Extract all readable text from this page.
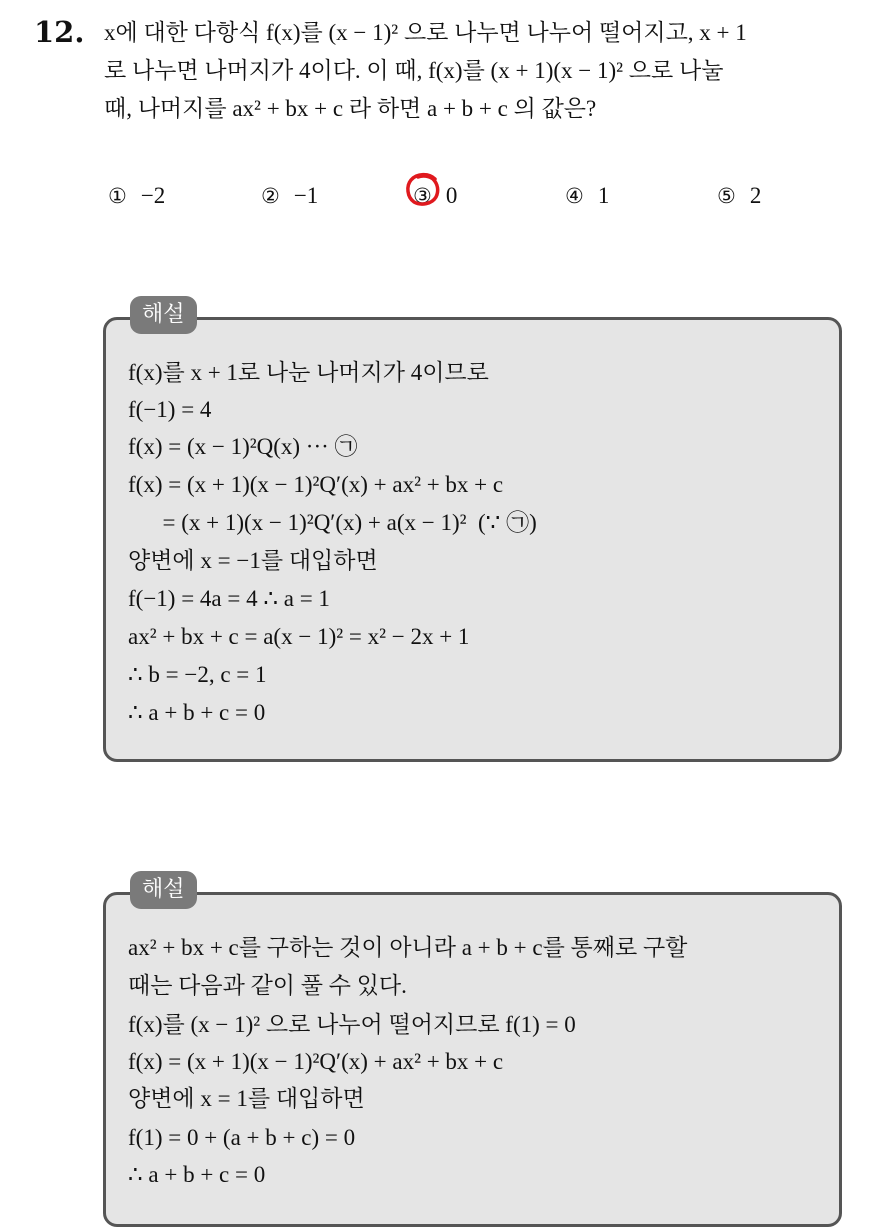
12. x에 대한 다항식 f(x)를 (x − 1)² 으로 나누면 나누어 떨어지고, x + 1
로 나누면 나머지가 4이다. 이 때, f(x)를 (x + 1)(x − 1)² 으로 나눌
때, 나머지를 ax² + bx + c 라 하면 a + b + c 의 값은?
① −2	② −1	③ 0	④ 1	⑤ 2
f(x)를 x + 1로 나눈 나머지가 4이므로
f(−1) = 4
f(x) = (x − 1)²Q(x) ··· ㉠
f(x) = (x + 1)(x − 1)²Q′(x) + ax² + bx + c
= (x + 1)(x − 1)²Q′(x) + a(x − 1)²  (∵ ㉠)
양변에 x = −1를 대입하면
f(−1) = 4a = 4 ∴ a = 1
ax² + bx + c = a(x − 1)² = x² − 2x + 1
∴ b = −2, c = 1
∴ a + b + c = 0
해설
ax² + bx + c를 구하는 것이 아니라 a + b + c를 통째로 구할
때는 다음과 같이 풀 수 있다.
f(x)를 (x − 1)² 으로 나누어 떨어지므로 f(1) = 0
f(x) = (x + 1)(x − 1)²Q′(x) + ax² + bx + c
양변에 x = 1를 대입하면
f(1) = 0 + (a + b + c) = 0
∴ a + b + c = 0
해설
